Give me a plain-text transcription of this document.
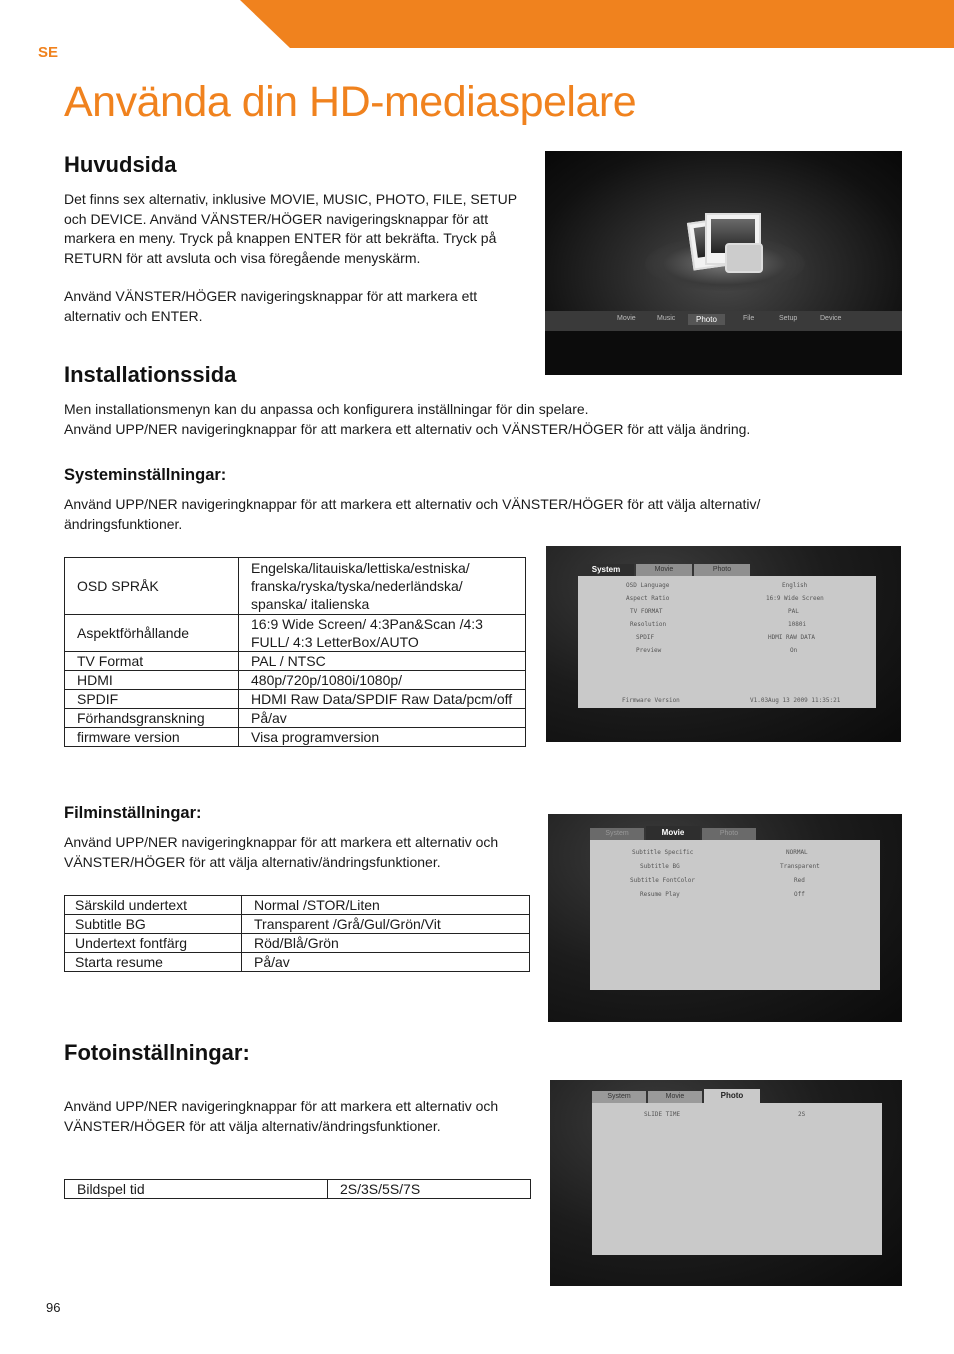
SE
Använda din HD-mediaspelare
Huvudsida

Det finns sex alternativ, inklusive MOVIE, MUSIC, PHOTO, FILE, SETUP och DEVICE. Använd VÄNSTER/HÖGER navigeringsknappar för att markera en meny. Tryck på knappen ENTER för att bekräfta. Tryck på RETURN för att avsluta och visa föregående menyskärm.

Använd VÄNSTER/HÖGER navigeringsknappar för att markera ett alternativ och ENTER.	Movie	Music	Photo	File	Setup	Device
Installationssida

Men installationsmenyn kan du anpassa och konfigurera inställningar för din spelare.

Använd UPP/NER navigeringknappar för att markera ett alternativ och VÄNSTER/HÖGER för att välja ändring.

Systeminställningar:
Använd UPP/NER navigeringknappar för att markera ett alternativ och VÄNSTER/HÖGER för att välja alternativ/ ändringsfunktioner.
OSD SPRÅK	Engelska/litauiska/lettiska/estniska/ franska/ryska/tyska/nederländska/ spanska/ italienska
Aspektförhållande	16:9 Wide Screen/ 4:3Pan&Scan /4:3 FULL/ 4:3 LetterBox/AUTO
TV Format	PAL / NTSC
HDMI	480p/720p/1080i/1080p/
SPDIF	HDMI Raw Data/SPDIF Raw Data/pcm/off
Förhandsgranskning	På/av
firmware version	Visa programversion
System	Movie	Photo
OSD Language	English
Aspect Ratio	16:9 Wide Screen
TV FORMAT	PAL
Resolution	1080i
SPDIF	HDMI RAW DATA
Preview	On
Firmware Version	V1.03Aug 13 2009 11:35:21
Filminställningar:
Använd UPP/NER navigeringknappar för att markera ett alternativ och VÄNSTER/HÖGER för att välja alternativ/ändringsfunktioner.
Särskild undertext	Normal /STOR/Liten
Subtitle BG	Transparent /Grå/Gul/Grön/Vit
Undertext fontfärg	Röd/Blå/Grön
Starta resume	På/av
System	Movie	Photo
Subtitle Specific	NORMAL
Subtitle BG	Transparent
Subtitle FontColor	Red
Resume Play	Off
Fotoinställningar:
Använd UPP/NER navigeringknappar för att markera ett alternativ och VÄNSTER/HÖGER för att välja alternativ/ändringsfunktioner.
Bildspel tid	2S/3S/5S/7S
System	Movie	Photo
SLIDE TIME	2S
96
